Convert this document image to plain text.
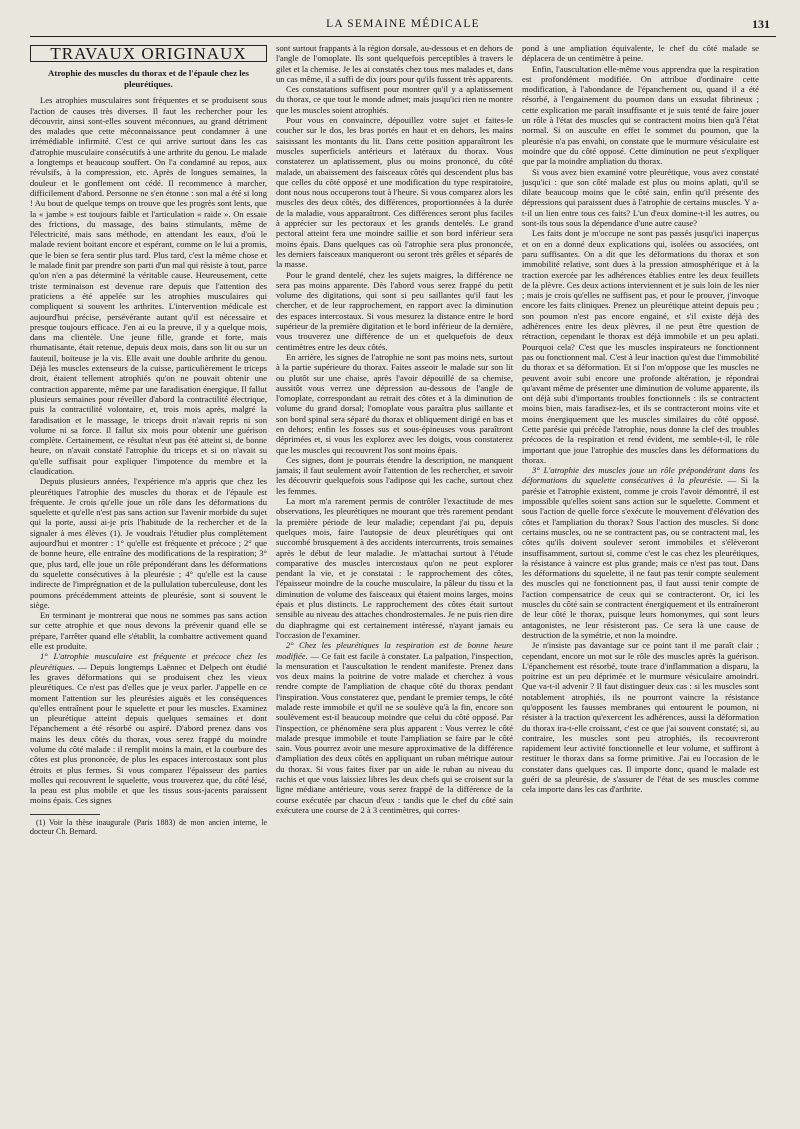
LA SEMAINE MÉDICALE	131
TRAVAUX ORIGINAUX
Atrophie des muscles du thorax et de l'épaule chez les pleurétiques.

Les atrophies musculaires sont fréquentes et se produisent sous l'action de causes très diverses. Il faut les rechercher pour les découvrir, ainsi sont-elles souvent méconnues, au grand détriment des malades que cette méconnaissance peut condamner à une irrémédiable infirmité. C'est ce qui arrive surtout dans les cas d'atrophie musculaire consécutifs à une arthrite du genou. Le malade a longtemps et beaucoup souffert. On l'a condamné au repos, aux révulsifs, à la compression, etc. Après de longues semaines, la douleur et le gonflement ont cédé. Il recommence à marcher, difficilement d'abord. Personne ne s'en étonne : son mal a été si long ! Au bout de quelque temps on trouve que les progrès sont lents, que la « jambe » est toujours faible et l'articulation « raide ». On essaie des frictions, du massage, des bains stimulants, même de l'électricité, mais sans méthode, en attendant les eaux, d'où le malade revient boitant encore et espérant, comme on le lui a promis, que le bien se fera sentir plus tard. Plus tard, c'est la même chose et le malade finit par prendre son parti d'un mal qui résiste à tout, parce qu'on n'en a pas déterminé la véritable cause. Heureusement, cette triste terminaison est devenue rare depuis que l'attention des praticiens a été appelée sur les atrophies musculaires qui compliquent si souvent les arthrites. L'intervention médicale est aujourd'hui précise, persévérante autant qu'il est nécessaire et presque toujours efficace. J'en ai eu la preuve, il y a quelque mois, dans ma clientèle. Une jeune fille, grande et forte, mais rhumatisante, était retenue, depuis deux mois, dans son lit ou sur un fauteuil, boiteuse je la vis. Elle avait une double arthrite du genou. Déjà les muscles extenseurs de la cuisse, particulièrement le triceps droit, étaient tellement atrophiés qu'on ne pouvait obtenir une contraction apparente, même par une faradisation énergique. Il fallut plusieurs semaines pour réveiller d'abord la contractilité électrique, puis la contractilité volontaire, et, trois mois après, malgré la faradisation et le massage, le triceps droit n'avait repris ni son volume ni sa force. Il fallut six mois pour obtenir une guérison complète. Certainement, ce résultat n'eut pas été atteint si, de bonne heure, on n'avait constaté l'atrophie du triceps et si on n'avait su qu'elle suffisait pour expliquer l'impotence du membre et la claudication.

Depuis plusieurs années, l'expérience m'a appris que chez les pleurétiques l'atrophie des muscles du thorax et de l'épaule est fréquente. Je crois qu'elle joue un rôle dans les déformations du squelette et qu'elle n'est pas sans action sur l'avenir morbide du sujet qui la porte, aussi ai-je pris l'habitude de la rechercher et de la signaler à mes élèves (1). Je voudrais l'étudier plus complètement aujourd'hui et montrer : 1° qu'elle est fréquente et précoce ; 2° que de bonne heure, elle entraîne des modifications de la respiration; 3° que, plus tard, elle joue un rôle prépondérant dans les déformations du squelette consécutives à la pleurésie ; 4° qu'elle est la cause indirecte de l'imprégnation et de la pullulation tuberculeuse, dont les poumons précédemment atteints de pleurésie, sont si souvent le siège.

En terminant je montrerai que nous ne sommes pas sans action sur cette atrophie et que nous devons la prévenir quand elle se prépare, l'arrêter quand elle s'établit, la combattre activement quand elle est produite.

1° L'atrophie musculaire est fréquente et précoce chez les pleurétiques. — Depuis longtemps Laënnec et Delpech ont étudié les graves déformations qui se produisent chez les vieux pleurétiques. Ce n'est pas d'elles que je veux parler. J'appelle en ce moment l'attention sur les pleurésies aiguës et les conséquences qu'elles entraînent pour le squelette et pour les muscles. Examinez un pleurétique atteint depuis quelques semaines et dont l'épanchement a été résorbé ou aspiré. D'abord prenez dans vos mains les deux côtés du thorax, vous serez frappé du moindre volume du côté malade : il remplit moins la main, et la courbure des côtes est plus prononcée, de plus les espaces intercostaux sont plus étroits et plus fermes. Si vous comparez l'épaisseur des parties molles qui recouvrent le squelette, vous trouverez que, du côté lésé, la peau est plus mobile et que les tissus sous-jacents paraissent moins épais. Ces signes

(1) Voir la thèse inaugurale (Paris 1883) de mon ancien interne, le docteur Ch. Bernard.

sont surtout frappants à la région dorsale, au-dessous et en dehors de l'angle de l'omoplate. Ils sont quelquefois perceptibles à travers le gilet et la chemise. Je les ai constatés chez tous mes malades et, dans un cas même, il a suffi de dix jours pour qu'ils fussent très apparents.

Ces constatations suffisent pour montrer qu'il y a aplatissement du thorax, ce que tout le monde admet; mais jusqu'ici rien ne montre que les muscles soient atrophiés.

Pour vous en convaincre, dépouillez votre sujet et faites-le coucher sur le dos, les bras portés en haut et en dehors, les mains saisissant les montants du lit. Dans cette position apparaîtront les muscles superficiels antérieurs et latéraux du thorax. Vous constaterez un aplatissement, plus ou moins prononcé, du côté malade, un abaissement des faisceaux côtés qui descendent plus bas que celles du côté opposé et une modification du type respiratoire, dont nous nous occuperons tout à l'heure. Si vous comparez alors les muscles des deux côtés, des différences, proportionnées à la durée de la maladie, vous apparaîtront. Ces différences seront plus faciles à apprécier sur les pectoraux et les grands dentelés. Le grand pectoral atteint fera une moindre saillie et son bord inférieur sera moins épais. Dans quelques cas où l'atrophie sera plus prononcée, les derniers faisceaux manqueront ou seront très grêles et séparés de la masse.

Pour le grand dentelé, chez les sujets maigres, la différence ne sera pas moins apparente. Dès l'abord vous serez frappé du petit volume des digitations, qui sont si peu saillantes qu'il faut les chercher, et de leur rapprochement, en rapport avec la diminution des espaces intercostaux. Si vous mesurez la distance entre le bord supérieur de la première digitation et le bord inférieur de la dernière, vous trouverez une différence de un et quelquefois de deux centimètres entre les deux côtés.

En arrière, les signes de l'atrophie ne sont pas moins nets, surtout à la partie supérieure du thorax. Faites asseoir le malade sur son lit ou plutôt sur une chaise, après l'avoir dépouillé de sa chemise, aussitôt vous verrez une dépression au-dessous de l'angle de l'omoplate, correspondant au retrait des côtes et à la diminution de volume du grand dorsal; l'omoplate vous paraîtra plus saillante et son bord spinal sera séparé du thorax et obliquement dirigé en bas et en dehors; enfin les fosses sus et sous-épineuses vous paraîtront déprimées et, si vous les explorez avec les doigts, vous constaterez que les muscles qui recouvrent l'os sont moins épais.

Ces signes, dont je pourrais étendre la description, ne manquent jamais; il faut seulement avoir l'attention de les rechercher, et savoir les découvrir quelquefois sous l'adipose qui les cache, surtout chez les femmes.

La mort m'a rarement permis de contrôler l'exactitude de mes observations, les pleurétiques ne mourant que très rarement pendant la première période de leur maladie; cependant j'ai pu, depuis quelques mois, faire l'autopsie de deux pleurétiques qui ont succombé brusquement à des accidents intercurrents, trois semaines après le début de leur maladie. Je m'attachai surtout à l'étude comparative des muscles intercostaux qu'on ne peut explorer pendant la vie, et je constatai : le rapprochement des côtes, l'épaisseur moindre de la couche musculaire, la pâleur du tissu et la diminution de volume des faisceaux qui étaient moins larges, moins épais et plus distincts. Le rapprochement des côtes était surtout sensible au niveau des attaches chondrosternales. Je ne puis rien dire du diaphragme qui est certainement intéressé, n'ayant jamais eu l'occasion de l'examiner.

2° Chez les pleurétiques la respiration est de bonne heure modifiée. — Ce fait est facile à constater. La palpation, l'inspection, la mensuration et l'auscultation le rendent manifeste. Prenez dans vos deux mains la poitrine de votre malade et cherchez à vous rendre compte de l'ampliation de chaque côté du thorax pendant l'inspiration. Vous constaterez que, pendant le premier temps, le côté malade reste immobile et qu'il ne se soulève qu'à la fin, encore son soulèvement est-il beaucoup moindre que celui du côté opposé. Par l'inspection, ce phénomène sera plus apparent : Vous verrez le côté malade presque immobile et toute l'ampliation se faire par le côté sain. Vous pourrez avoir une mesure approximative de la différence d'ampliation des deux côtés en appliquant un ruban métrique autour du thorax. Si vous faites fixer par un aide le ruban au niveau du rachis et que vous laissiez libres les deux chefs qui se croisent sur la ligne médiane antérieure, vous serez frappé de la différence de la course exécutée par chacun d'eux : tandis que le chef du côté sain exécutera une course de 2 à 3 centimètres, qui corres-

pond à une ampliation équivalente, le chef du côté malade se déplacera de un centimètre à peine.

Enfin, l'auscultation elle-même vous apprendra que la respiration est profondément modifiée. On attribue d'ordinaire cette modification, à l'abondance de l'épanchement ou, quand il a été résorbé, à l'engainement du poumon dans un exsudat fibrineux ; cette explication me paraît insuffisante et je suis tenté de faire jouer un rôle à l'état des muscles qui se contractent moins bien qu'à l'état normal. Si on ausculte en effet le sommet du poumon, que la pleurésie n'a pas envahi, on constate que le murmure vésiculaire est moindre que du côté opposé. Cette diminution ne peut s'expliquer que par la moindre ampliation du thorax.

Si vous avez bien examiné votre pleurétique, vous avez constaté jusqu'ici : que son côté malade est plus ou moins aplati, qu'il se dilate beaucoup moins que le côté sain, enfin qu'il présente des dépressions qui paraissent dues à l'atrophie de certains muscles. Y a-t-il un lien entre tous ces faits? L'un d'eux domine-t-il les autres, ou sont-ils tous sous la dépendance d'une autre cause?

Les faits dont je m'occupe ne sont pas passés jusqu'ici inaperçus et on en a donné deux explications qui, isolées ou associées, ont paru suffisantes. On a dit que les déformations du thorax et son immobilité relative, sont dues à la pression atmosphérique et à la traction exercée par les adhérences établies entre les deux feuillets de la plèvre. Ces deux actions interviennent et je suis loin de les nier ; mais je crois qu'elles ne suffisent pas, et pour le prouver, j'invoque encore les faits cliniques. Prenez un pleurétique atteint depuis peu ; son poumon n'est pas encore engainé, et s'il existe déjà des adhérences entre les deux plèvres, il ne peut être question de rétraction, cependant le thorax est déjà immobile et un peu aplati. Pourquoi cela? C'est que les muscles inspirateurs ne fonctionnent pas ou fonctionnent mal. C'est à leur inaction qu'est due l'immobilité du thorax et sa déformation. Et si l'on m'oppose que les muscles ne peuvent avoir subi encore une profonde altération, je répondrai qu'avant même de présenter une diminution de volume apparente, ils ont déjà subi d'importants troubles fonctionnels : ils se contractent moins bien, mais faradisez-les, et ils se contracteront moins vite et moins énergiquement que les muscles similaires du côté opposé. Cette parésie qui précède l'atrophie, nous donne la clef des troubles précoces de la respiration et rend évident, me semble-t-il, le rôle important que joue l'atrophie des muscles dans les déformations du thorax.

3° L'atrophie des muscles joue un rôle prépondérant dans les déformations du squelette consécutives à la pleurésie. — Si la parésie et l'atrophie existent, comme je crois l'avoir démontré, il est impossible qu'elles soient sans action sur le squelette. Comment et sous l'action de quelle force s'exécute le mouvement d'élévation des côtes et l'ampliation du thorax? Sous l'action des muscles. Si donc certains muscles, ou ne se contractent pas, ou se contractent mal, les côtes qu'ils doivent soulever seront immobiles et s'élèveront insuffisamment, surtout si, comme c'est le cas chez les pleurétiques, la résistance à vaincre est plus grande; mais ce n'est pas tout. Dans les déformations du squelette, il ne faut pas tenir compte seulement des muscles qui ne fonctionnent pas, il faut aussi tenir compte de l'action compensatrice de ceux qui se contracteront. Or, ici les muscles du côté sain se contractent énergiquement et ils entraîneront de leur côté le thorax, puisque leurs homonymes, qui sont leurs antagonistes, ne leur résisteront pas. Ce sera là une cause de destruction de la symétrie, et non la moindre.

Je n'insiste pas davantage sur ce point tant il me paraît clair ; cependant, encore un mot sur le rôle des muscles après la guérison. L'épanchement est résorbé, toute trace d'inflammation a disparu, la poitrine est un peu déprimée et le murmure vésiculaire amoindri. Que va-t-il advenir ? Il faut distinguer deux cas : si les muscles sont notablement atrophiés, ils ne pourront vaincre la résistance qu'opposent les fausses membranes qui entourent le poumon, ni résister à la traction qu'exercent les adhérences, aussi la déformation du thorax ira-t-elle croissant, c'est ce que j'ai souvent constaté; si, au contraire, les muscles sont peu atrophiés, ils recouvreront rapidement leur activité fonctionnelle et leur volume, et suffiront à restituer le thorax dans sa forme primitive. J'ai eu l'occasion de le constater dans quelques cas. Il importe donc, quand le malade est guéri de sa pleurésie, de s'assurer de l'état de ses muscles comme cela importe dans les cas d'arthrite.
